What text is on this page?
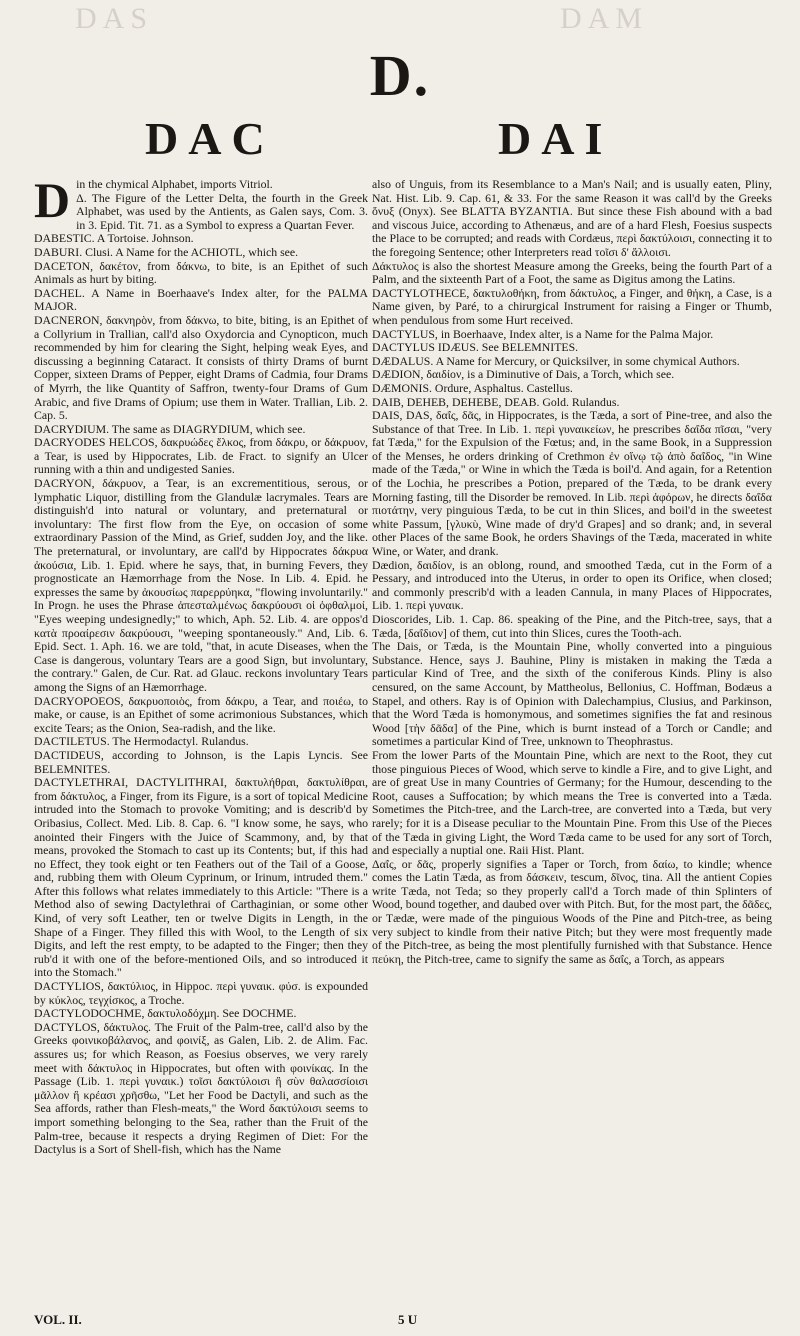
DAS	DAM
D.
DAC	DAI

Din the chymical Alphabet, imports Vitriol.

Δ. The Figure of the Letter Delta, the fourth in the Greek Alphabet, was used by the Antients, as Galen says, Com. 3. in 3. Epid. Tit. 71. as a Symbol to express a Quartan Fever.

DABESTIC. A Tortoise. Johnson.

DABURI. Clusi. A Name for the ACHIOTL, which see.

DACETON, δακέτον, from δάκνω, to bite, is an Epithet of such Animals as hurt by biting.

DACHEL. A Name in Boerhaave's Index alter, for the PALMA MAJOR.

DACNERON, δακνηρὸν, from δάκνω, to bite, biting, is an Epithet of a Collyrium in Trallian, call'd also Oxydorcia and Cynopticon, much recommended by him for clearing the Sight, helping weak Eyes, and discussing a beginning Cataract. It consists of thirty Drams of burnt Copper, sixteen Drams of Pepper, eight Drams of Cadmia, four Drams of Myrrh, the like Quantity of Saffron, twenty-four Drams of Gum Arabic, and five Drams of Opium; use them in Water. Trallian, Lib. 2. Cap. 5.

DACRYDIUM. The same as DIAGRYDIUM, which see.

DACRYODES HELCOS, δακρυώδες ἕλκος, from δάκρυ, or δάκρυον, a Tear, is used by Hippocrates, Lib. de Fract. to signify an Ulcer running with a thin and undigested Sanies.

DACRYON, δάκρυον, a Tear, is an excrementitious, serous, or lymphatic Liquor, distilling from the Glandulæ lacrymales. Tears are distinguish'd into natural or voluntary, and preternatural or involuntary: The first flow from the Eye, on occasion of some extraordinary Passion of the Mind, as Grief, sudden Joy, and the like. The preternatural, or involuntary, are call'd by Hippocrates δάκρυα ἀκούσια, Lib. 1. Epid. where he says, that, in burning Fevers, they prognosticate an Hæmorrhage from the Nose. In Lib. 4. Epid. he expresses the same by ἀκουσίως παρερρύηκα, "flowing involuntarily." In Progn. he uses the Phrase ἀπεσταλμένως δακρύουσι οἱ ὀφθαλμοί, "Eyes weeping undesignedly;" to which, Aph. 52. Lib. 4. are oppos'd κατὰ προαίρεσιν δακρύουσι, "weeping spontaneously." And, Lib. 6. Epid. Sect. 1. Aph. 16. we are told, "that, in acute Diseases, when the Case is dangerous, voluntary Tears are a good Sign, but involuntary, the contrary." Galen, de Cur. Rat. ad Glauc. reckons involuntary Tears among the Signs of an Hæmorrhage.

DACRYOPOEOS, δακρυοποιὸς, from δάκρυ, a Tear, and ποιέω, to make, or cause, is an Epithet of some acrimonious Substances, which excite Tears; as the Onion, Sea-radish, and the like.

DACTILETUS. The Hermodactyl. Rulandus.

DACTIDEUS, according to Johnson, is the Lapis Lyncis. See BELEMNITES.

DACTYLETHRAI, DACTYLITHRAI, δακτυλήθραι, δακτυλίθραι, from δάκτυλος, a Finger, from its Figure, is a sort of topical Medicine intruded into the Stomach to provoke Vomiting; and is describ'd by Oribasius, Collect. Med. Lib. 8. Cap. 6. "I know some, he says, who anointed their Fingers with the Juice of Scammony, and, by that means, provoked the Stomach to cast up its Contents; but, if this had no Effect, they took eight or ten Feathers out of the Tail of a Goose, and, rubbing them with Oleum Cyprinum, or Irinum, intruded them." After this follows what relates immediately to this Article: "There is a Method also of sewing Dactylethrai of Carthaginian, or some other Kind, of very soft Leather, ten or twelve Digits in Length, in the Shape of a Finger. They filled this with Wool, to the Length of six Digits, and left the rest empty, to be adapted to the Finger; then they rub'd it with one of the before-mentioned Oils, and so introduced it into the Stomach."

DACTYLIOS, δακτύλιος, in Hippoc. περὶ γυναικ. φύσ. is expounded by κύκλος, τεγχίσκος, a Troche.

DACTYLODOCHME, δακτυλοδόχμη. See DOCHME.

DACTYLOS, δάκτυλος. The Fruit of the Palm-tree, call'd also by the Greeks φοινικοβάλανος, and φοινίξ, as Galen, Lib. 2. de Alim. Fac. assures us; for which Reason, as Foesius observes, we very rarely meet with δάκτυλος in Hippocrates, but often with φοινίκας. In the Passage (Lib. 1. περὶ γυναικ.) τοῖσι δακτύλοισι ἢ σὺν θαλασσίοισι μᾶλλον ἢ κρέασι χρῆσθω, "Let her Food be Dactyli, and such as the Sea affords, rather than Flesh-meats," the Word δακτύλοισι seems to import something belonging to the Sea, rather than the Fruit of the Palm-tree, because it respects a drying Regimen of Diet: For the Dactylus is a Sort of Shell-fish, which has the Name

also of Unguis, from its Resemblance to a Man's Nail; and is usually eaten, Pliny, Nat. Hist. Lib. 9. Cap. 61, & 33. For the same Reason it was call'd by the Greeks ὄνυξ (Onyx). See BLATTA BYZANTIA. But since these Fish abound with a bad and viscous Juice, according to Athenæus, and are of a hard Flesh, Foesius suspects the Place to be corrupted; and reads with Cordæus, περὶ δακτύλοισι, connecting it to the foregoing Sentence; other Interpreters read τοῖσι δ' ἄλλοισι.

Δάκτυλος is also the shortest Measure among the Greeks, being the fourth Part of a Palm, and the sixteenth Part of a Foot, the same as Digitus among the Latins.

DACTYLOTHECE, δακτυλοθήκη, from δάκτυλος, a Finger, and θήκη, a Case, is a Name given, by Paré, to a chirurgical Instrument for raising a Finger or Thumb, when pendulous from some Hurt received.

DACTYLUS, in Boerhaave, Index alter, is a Name for the Palma Major.

DACTYLUS IDÆUS. See BELEMNITES.

DÆDALUS. A Name for Mercury, or Quicksilver, in some chymical Authors.

DÆDION, δαιδίον, is a Diminutive of Dais, a Torch, which see.

DÆMONIS. Ordure, Asphaltus. Castellus.

DAIB, DEHEB, DEHEBE, DEAB. Gold. Rulandus.

DAIS, DAS, δαΐς, δᾶς, in Hippocrates, is the Tæda, a sort of Pine-tree, and also the Substance of that Tree. In Lib. 1. περὶ γυναικείων, he prescribes δαΐδα πῖσαι, "very fat Tæda," for the Expulsion of the Fœtus; and, in the same Book, in a Suppression of the Menses, he orders drinking of Crethmon ἐν οἴνῳ τῷ ἀπὸ δαΐδος, "in Wine made of the Tæda," or Wine in which the Tæda is boil'd. And again, for a Retention of the Lochia, he prescribes a Potion, prepared of the Tæda, to be drank every Morning fasting, till the Disorder be removed. In Lib. περὶ ἀφόρων, he directs δαΐδα πιοτάτην, very pinguious Tæda, to be cut in thin Slices, and boil'd in the sweetest white Passum, [γλυκὺ, Wine made of dry'd Grapes] and so drank; and, in several other Places of the same Book, he orders Shavings of the Tæda, macerated in white Wine, or Water, and drank.

Dædion, δαιδίον, is an oblong, round, and smoothed Tæda, cut in the Form of a Pessary, and introduced into the Uterus, in order to open its Orifice, when closed; and commonly prescrib'd with a leaden Cannula, in many Places of Hippocrates, Lib. 1. περὶ γυναικ.

Dioscorides, Lib. 1. Cap. 86. speaking of the Pine, and the Pitch-tree, says, that a Tæda, [δαΐδιον] of them, cut into thin Slices, cures the Tooth-ach.

The Dais, or Tæda, is the Mountain Pine, wholly converted into a pinguious Substance. Hence, says J. Bauhine, Pliny is mistaken in making the Tæda a particular Kind of Tree, and the sixth of the coniferous Kinds. Pliny is also censured, on the same Account, by Mattheolus, Bellonius, C. Hoffman, Bodæus a Stapel, and others. Ray is of Opinion with Dalechampius, Clusius, and Parkinson, that the Word Tæda is homonymous, and sometimes signifies the fat and resinous Wood [τὴν δᾶδα] of the Pine, which is burnt instead of a Torch or Candle; and sometimes a particular Kind of Tree, unknown to Theophrastus.

From the lower Parts of the Mountain Pine, which are next to the Root, they cut those pinguious Pieces of Wood, which serve to kindle a Fire, and to give Light, and are of great Use in many Countries of Germany; for the Humour, descending to the Root, causes a Suffocation; by which means the Tree is converted into a Tæda. Sometimes the Pitch-tree, and the Larch-tree, are converted into a Tæda, but very rarely; for it is a Disease peculiar to the Mountain Pine. From this Use of the Pieces of the Tæda in giving Light, the Word Tæda came to be used for any sort of Torch, and especially a nuptial one. Raii Hist. Plant.

Δαΐς, or δᾶς, properly signifies a Taper or Torch, from δαίω, to kindle; whence comes the Latin Tæda, as from δάσκειν, tescum, δῖνος, tina. All the antient Copies write Tæda, not Teda; so they properly call'd a Torch made of thin Splinters of Wood, bound together, and daubed over with Pitch. But, for the most part, the δᾶδες, or Tædæ, were made of the pinguious Woods of the Pine and Pitch-tree, as being very subject to kindle from their native Pitch; but they were most frequently made of the Pitch-tree, as being the most plentifully furnished with that Substance. Hence πεύκη, the Pitch-tree, came to signify the same as δαΐς, a Torch, as appears

VOL. II.	5 U
